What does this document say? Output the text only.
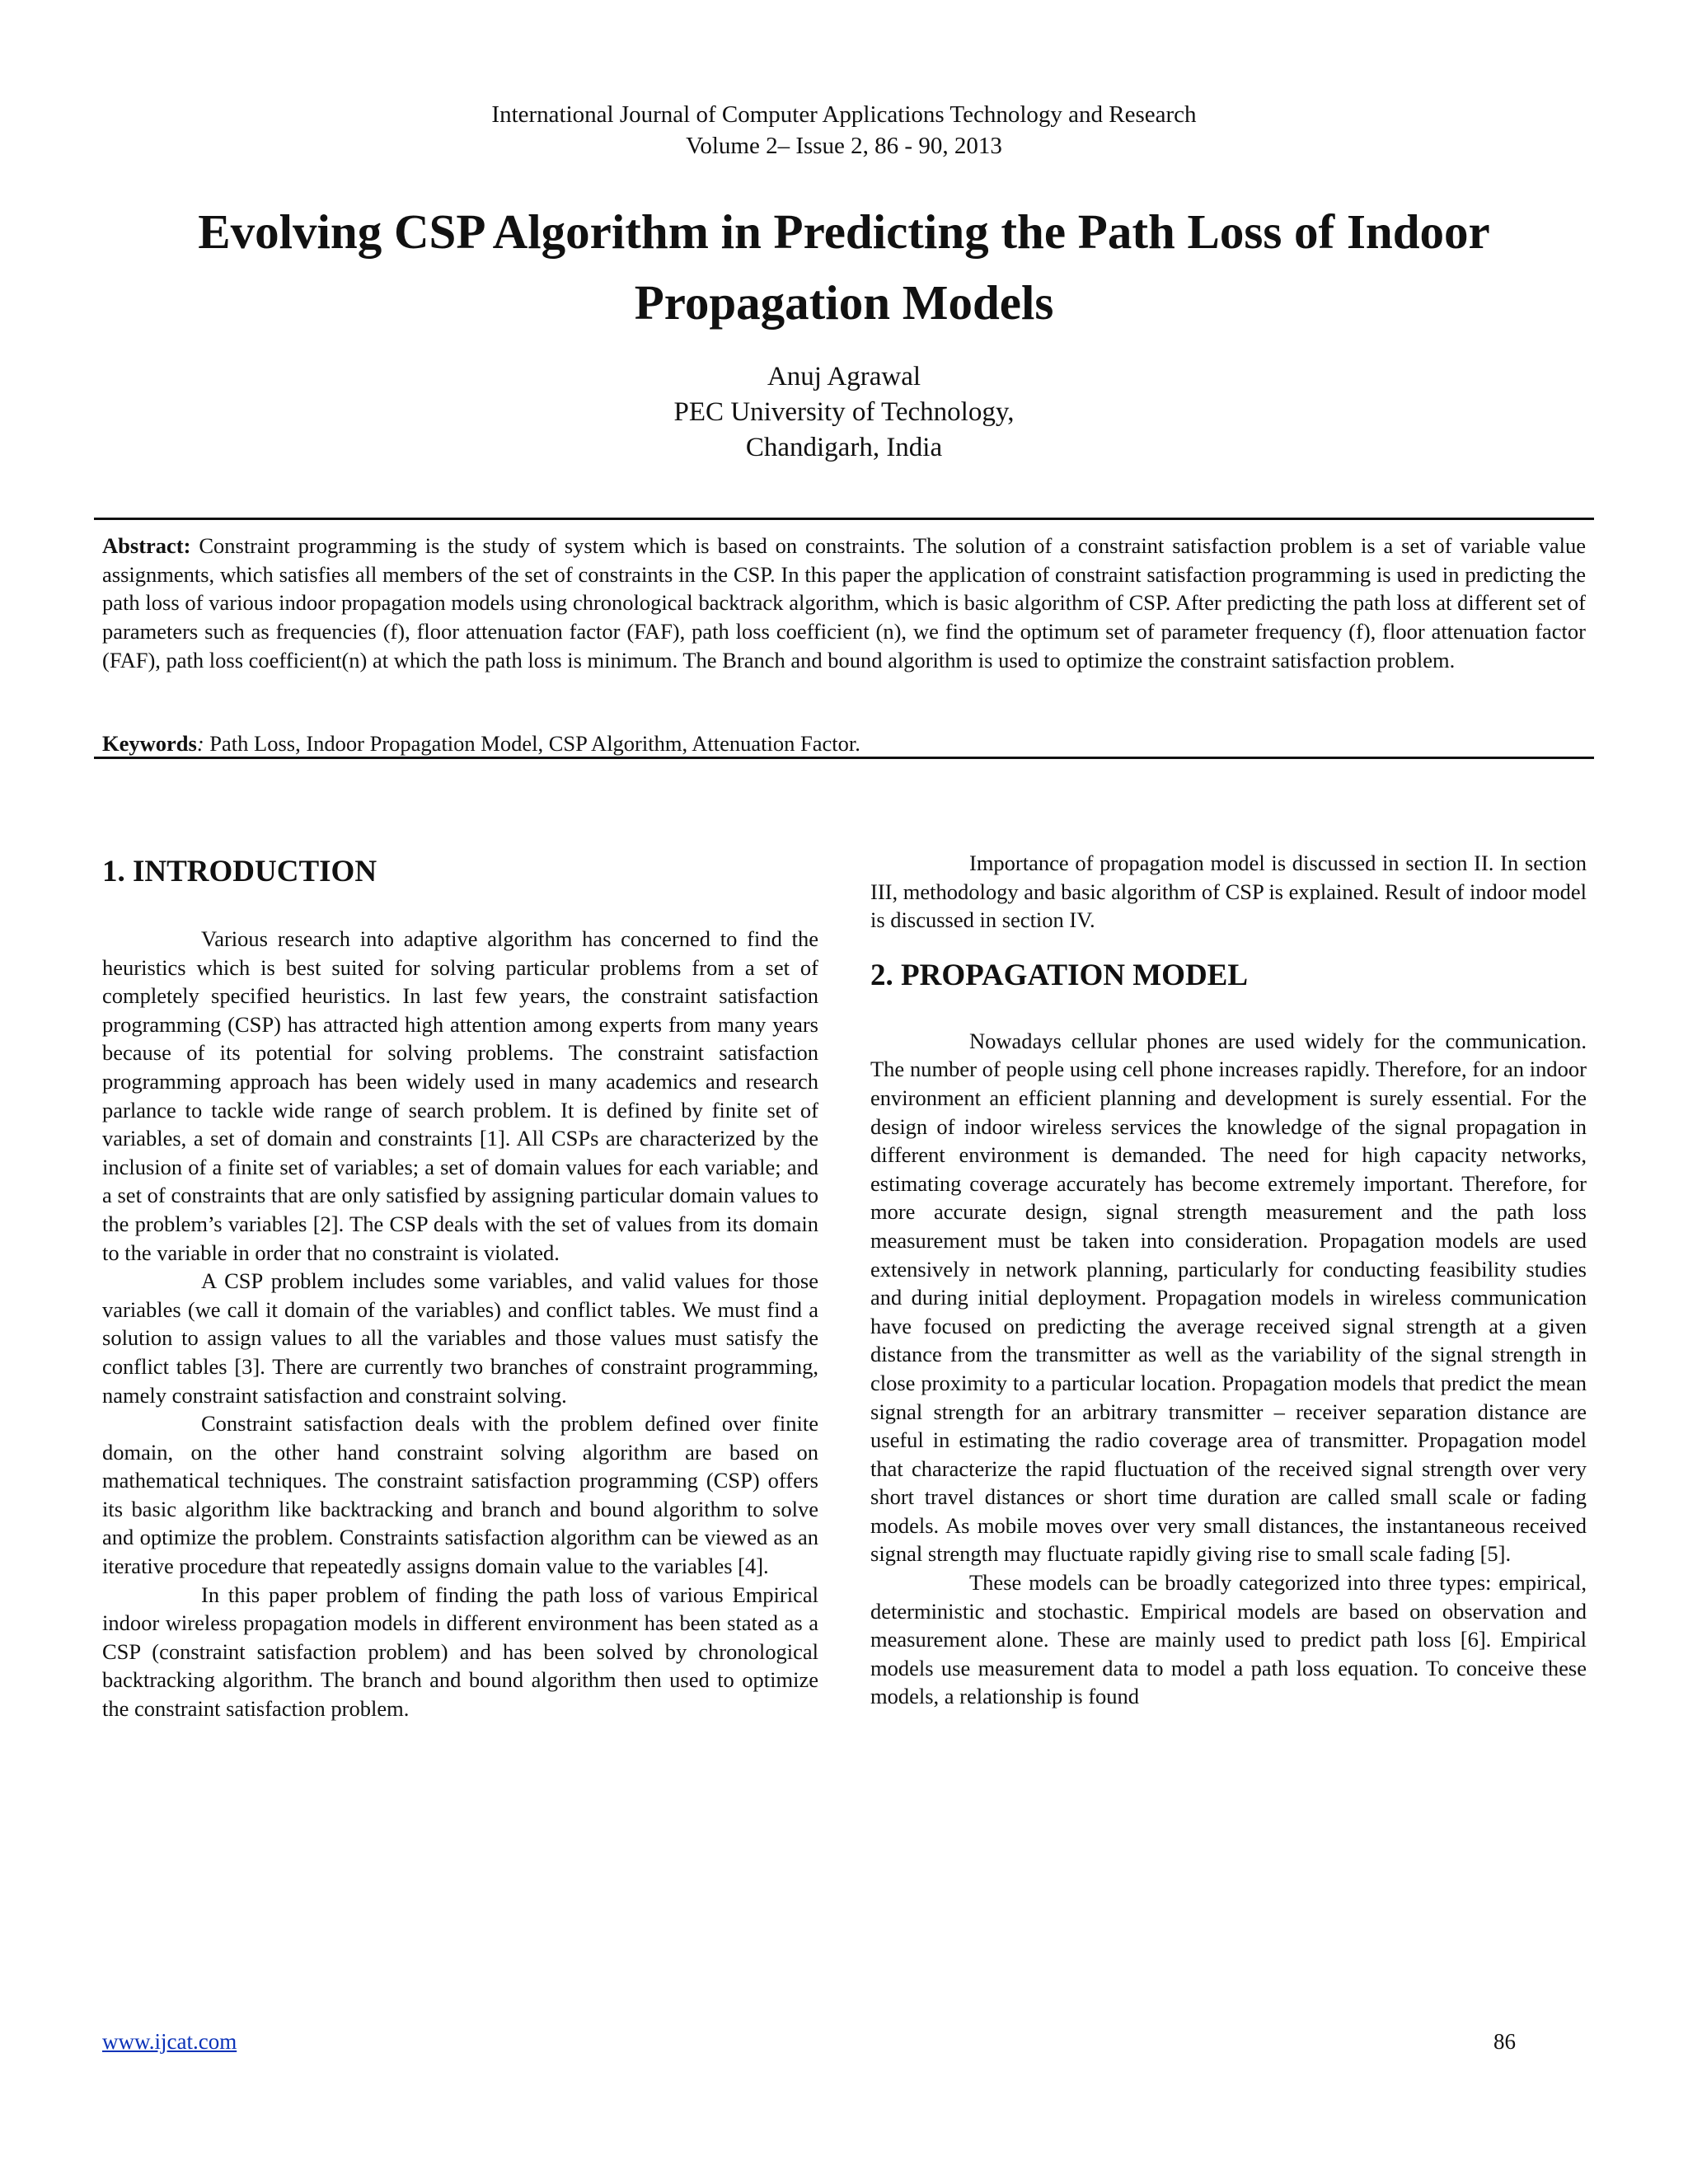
International Journal of Computer Applications Technology and Research
Volume 2– Issue 2, 86 - 90, 2013
Evolving CSP Algorithm in Predicting the Path Loss of Indoor Propagation Models
Anuj Agrawal
PEC University of Technology,
Chandigarh, India

Abstract: Constraint programming is the study of system which is based on constraints. The solution of a constraint satisfaction problem is a set of variable value assignments, which satisfies all members of the set of constraints in the CSP. In this paper the application of constraint satisfaction programming is used in predicting the path loss of various indoor propagation models using chronological backtrack algorithm, which is basic algorithm of CSP. After predicting the path loss at different set of parameters such as frequencies (f), floor attenuation factor (FAF), path loss coefficient (n), we find the optimum set of parameter frequency (f), floor attenuation factor (FAF), path loss coefficient(n) at which the path loss is minimum. The Branch and bound algorithm is used to optimize the constraint satisfaction problem.

Keywords: Path Loss, Indoor Propagation Model, CSP Algorithm, Attenuation Factor.

1. INTRODUCTION

Various research into adaptive algorithm has concerned to find the heuristics which is best suited for solving particular problems from a set of completely specified heuristics. In last few years, the constraint satisfaction programming (CSP) has attracted high attention among experts from many years because of its potential for solving problems. The constraint satisfaction programming approach has been widely used in many academics and research parlance to tackle wide range of search problem. It is defined by finite set of variables, a set of domain and constraints [1]. All CSPs are characterized by the inclusion of a finite set of variables; a set of domain values for each variable; and a set of constraints that are only satisfied by assigning particular domain values to the problem’s variables [2]. The CSP deals with the set of values from its domain to the variable in order that no constraint is violated.

A CSP problem includes some variables, and valid values for those variables (we call it domain of the variables) and conflict tables. We must find a solution to assign values to all the variables and those values must satisfy the conflict tables [3]. There are currently two branches of constraint programming, namely constraint satisfaction and constraint solving.

Constraint satisfaction deals with the problem defined over finite domain, on the other hand constraint solving algorithm are based on mathematical techniques. The constraint satisfaction programming (CSP) offers its basic algorithm like backtracking and branch and bound algorithm to solve and optimize the problem. Constraints satisfaction algorithm can be viewed as an iterative procedure that repeatedly assigns domain value to the variables [4].

In this paper problem of finding the path loss of various Empirical indoor wireless propagation models in different environment has been stated as a CSP (constraint satisfaction problem) and has been solved by chronological backtracking algorithm. The branch and bound algorithm then used to optimize the constraint satisfaction problem.

Importance of propagation model is discussed in section II. In section III, methodology and basic algorithm of CSP is explained. Result of indoor model is discussed in section IV.

2. PROPAGATION MODEL

Nowadays cellular phones are used widely for the communication. The number of people using cell phone increases rapidly. Therefore, for an indoor environment an efficient planning and development is surely essential. For the design of indoor wireless services the knowledge of the signal propagation in different environment is demanded. The need for high capacity networks, estimating coverage accurately has become extremely important. Therefore, for more accurate design, signal strength measurement and the path loss measurement must be taken into consideration. Propagation models are used extensively in network planning, particularly for conducting feasibility studies and during initial deployment. Propagation models in wireless communication have focused on predicting the average received signal strength at a given distance from the transmitter as well as the variability of the signal strength in close proximity to a particular location. Propagation models that predict the mean signal strength for an arbitrary transmitter – receiver separation distance are useful in estimating the radio coverage area of transmitter. Propagation model that characterize the rapid fluctuation of the received signal strength over very short travel distances or short time duration are called small scale or fading models. As mobile moves over very small distances, the instantaneous received signal strength may fluctuate rapidly giving rise to small scale fading [5].

These models can be broadly categorized into three types: empirical, deterministic and stochastic. Empirical models are based on observation and measurement alone. These are mainly used to predict path loss [6]. Empirical models use measurement data to model a path loss equation. To conceive these models, a relationship is found

www.ijcat.com	86
